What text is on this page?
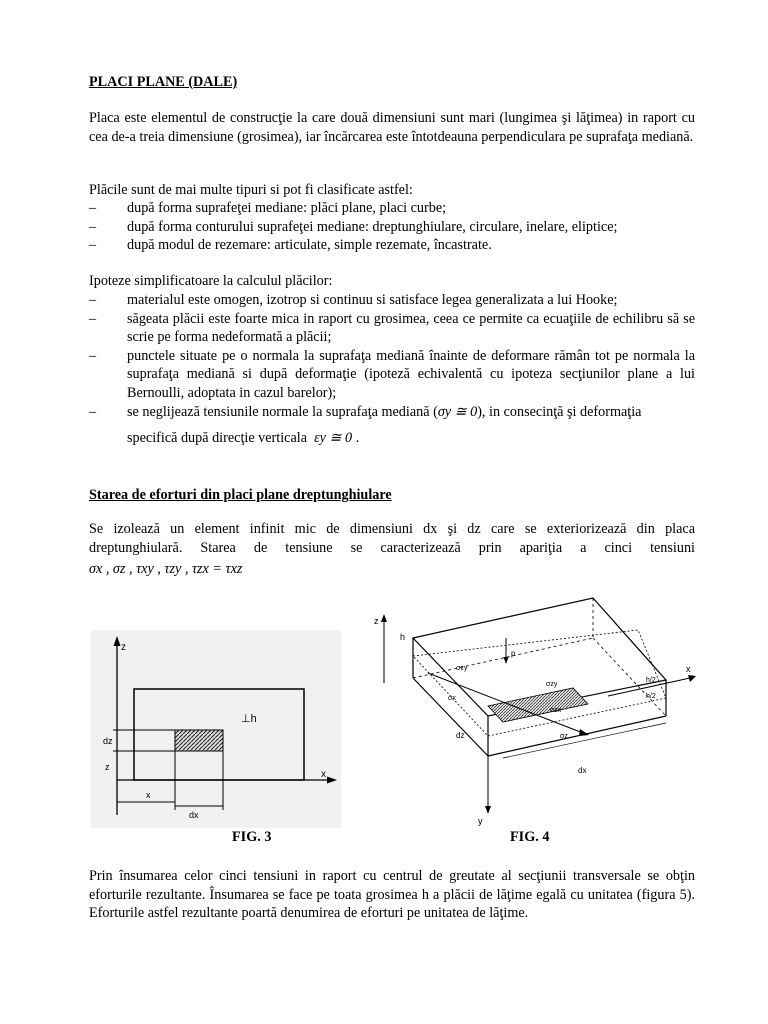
PLACI PLANE (DALE)

Placa este elementul de construcţie la care două dimensiuni sunt mari (lungimea şi lăţimea) in raport cu cea de-a treia dimensiune (grosimea), iar încărcarea este întotdeauna perpendiculara pe suprafaţa mediană.

Plăcile sunt de mai multe tipuri si pot fi clasificate astfel:

– după forma suprafeţei mediane: plăci plane, placi curbe;
– după forma conturului suprafeţei mediane: dreptunghiulare, circulare, inelare, eliptice;
– după modul de rezemare: articulate, simple rezemate, încastrate.

Ipoteze simplificatoare la calculul plăcilor:

– materialul este omogen, izotrop si continuu si satisface legea generalizata a lui Hooke;
– săgeata plăcii este foarte mica in raport cu grosimea, ceea ce permite ca ecuaţiile de echilibru să se scrie pe forma nedeformată a plăcii;
– punctele situate pe o normala la suprafaţa mediană înainte de deformare rămân tot pe normala la suprafaţa mediană si după deformaţie (ipoteză echivalentă cu ipoteza secţiunilor plane a lui Bernoulli, adoptata in cazul barelor);
– se neglijează tensiunile normale la suprafaţa mediană (σy ≅ 0), in consecinţă şi deformaţia
specifică după direcţie verticala εy ≅ 0 .
Starea de eforturi din placi plane dreptunghiulare

Se izolează un element infinit mic de dimensiuni dx şi dz care se exteriorizează din placa

dreptunghiulară. Starea de tensiune se caracterizează prin apariţia a cinci tensiuni

σx , σz , τxy , τzy , τzx = τxz

Prin însumarea celor cinci tensiuni in raport cu centrul de greutate al secţiunii transversale se obţin eforturile rezultante. Însumarea se face pe toata grosimea h a plăcii de lăţime egală cu unitatea (figura 5). Eforturile astfel rezultante poartă denumirea de eforturi pe unitatea de lăţime.

z
x
dz
z
x
dx
⊥h
z
h
x
y
p
σzy
σx
σzy
σzx
σz
dz
dx
h/2
h/2
FIG. 3	FIG. 4
